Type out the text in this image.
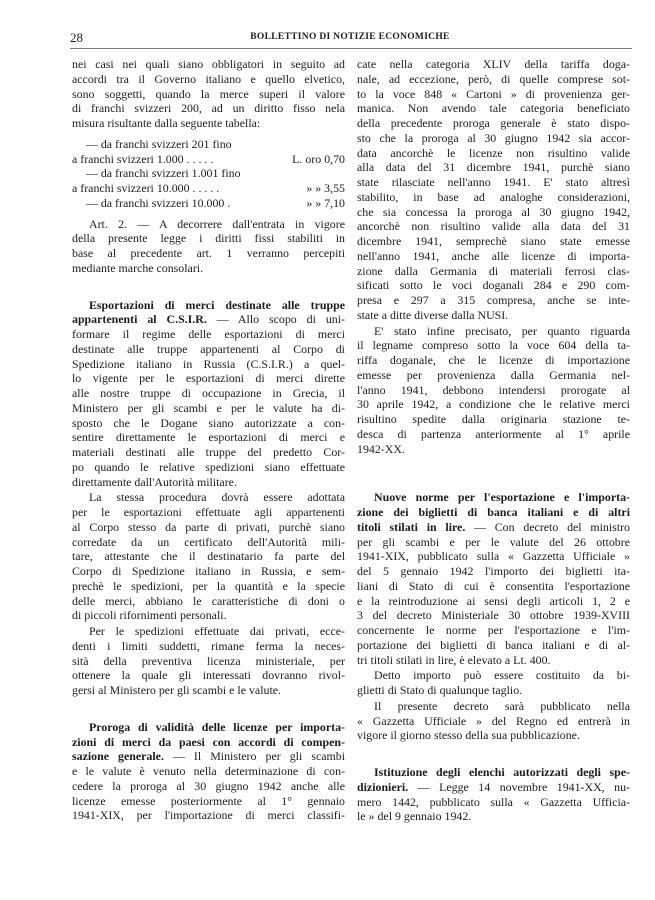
28	BOLLETTINO DI NOTIZIE ECONOMICHE
nei casi nei quali siano obbligatori in seguito ad
accordi tra il Governo italiano e quello elvetico,
sono soggetti, quando la merce superi il valore
di franchi svizzeri 200, ad un diritto fisso nela
misura risultante dalla seguente tabella:
— da franchi svizzeri 201 fino
a franchi svizzeri 1.000 . . . . .	L. oro 0,70
— da franchi svizzeri 1.001 fino
a franchi svizzeri 10.000 . . . . .	» » 3,55
— da franchi svizzeri 10.000 .	» » 7,10
Art. 2. — A decorrere dall'entrata in vigore
della presente legge i diritti fissi stabiliti in
base al precedente art. 1 verranno percepiti
mediante marche consolari.
Esportazioni di merci destinate alle truppe
appartenenti al C.S.I.R. — Allo scopo di uni-
formare il regime delle esportazioni di merci
destinate alle truppe appartenenti al Corpo di
Spedizione italiano in Russia (C.S.I.R.) a quel-
lo vigente per le esportazioni di merci dirette
alle nostre truppe di occupazione in Grecia, il
Ministero per gli scambi e per le valute ha di-
sposto che le Dogane siano autorizzate a con-
sentire direttamente le esportazioni di merci e
materiali destinati alle truppe del predetto Cor-
po quando le relative spedizioni siano effettuate
direttamente dall'Autorità militare.
La stessa procedura dovrà essere adottata
per le esportazioni effettuate agli appartenenti
al Corpo stesso da parte di privati, purchè siano
corredate da un certificato dell'Autorità mili-
tare, attestante che il destinatario fa parte del
Corpo di Spedizione italiano in Russia, e sem-
prechè le spedizioni, per la quantità e la specie
delle merci, abbiano le caratteristiche di doni o
di piccoli rifornimenti personali.
Per le spedizioni effettuate dai privati, ecce-
denti i limiti suddetti, rimane ferma la neces-
sità della preventiva licenza ministeriale, per
ottenere la quale gli interessati dovranno rivol-
gersi al Ministero per gli scambi e le valute.
Proroga di validità delle licenze per importa-
zioni di merci da paesi con accordi di compen-
sazione generale. — Il Ministero per gli scambi
e le valute è venuto nella determinazione di con-
cedere la proroga al 30 giugno 1942 anche alle
licenze emesse posteriormente al 1° gennaio
1941-XIX, per l'importazione di merci classifi-
cate nella categoria XLIV della tariffa doga-
nale, ad eccezione, però, di quelle comprese sot-
to la voce 848 « Cartoni » di provenienza ger-
manica. Non avendo tale categoria beneficiato
della precedente proroga generale è stato dispo-
sto che la proroga al 30 giugno 1942 sia accor-
data ancorchè le licenze non risultino valide
alla data del 31 dicembre 1941, purchè siano
state rilasciate nell'anno 1941. E' stato altresì
stabilito, in base ad analoghe considerazioni,
che sia concessa la proroga al 30 giugno 1942,
ancorchè non risultino valide alla data del 31
dicembre 1941, semprechè siano state emesse
nell'anno 1941, anche alle licenze di importa-
zione dalla Germania di materiali ferrosi clas-
sificati sotto le voci doganali 284 e 290 com-
presa e 297 a 315 compresa, anche se inte-
state a ditte diverse dalla NUSI.
E' stato infine precisato, per quanto riguarda
il legname compreso sotto la voce 604 della ta-
riffa doganale, che le licenze di importazione
emesse per provenienza dalla Germania nel-
l'anno 1941, debbono intendersi prorogate al
30 aprile 1942, a condizione che le relative merci
risultino spedite dalla originaria stazione te-
desca di partenza anteriormente al 1° aprile
1942-XX.
Nuove norme per l'esportazione e l'importa-
zione dei biglietti di banca italiani e di altri
titoli stilati in lire. — Con decreto del ministro
per gli scambi e per le valute del 26 ottobre
1941-XIX, pubblicato sulla « Gazzetta Ufficiale »
del 5 gennaio 1942 l'importo dei biglietti ita-
liani di Stato di cui è consentita l'esportazione
e la reintroduzione ai sensi degli articoli 1, 2 e
3 del decreto Ministeriale 30 ottobre 1939-XVIII
concernente le norme per l'esportazione e l'im-
portazione dei biglietti di banca italiani e di al-
tri titoli stilati in lire, è elevato a Lt. 400.
Detto importo può essere costituito da bi-
glietti di Stato di qualunque taglio.
Il presente decreto sarà pubblicato nella
« Gazzetta Ufficiale » del Regno ed entrerà in
vigore il giorno stesso della sua pubblicazione.
Istituzione degli elenchi autorizzati degli spe-
dizionieri. — Legge 14 novembre 1941-XX, nu-
mero 1442, pubblicato sulla « Gazzetta Ufficia-
le » del 9 gennaio 1942.
